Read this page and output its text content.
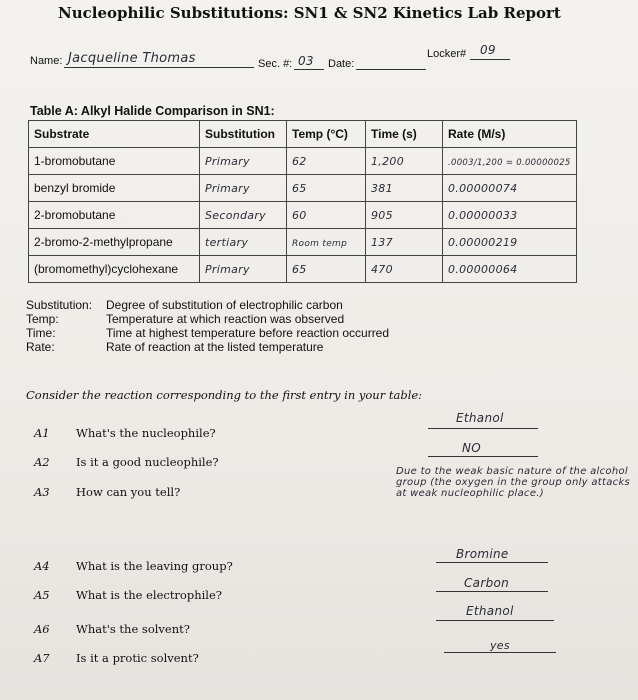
Nucleophilic Substitutions: SN1 & SN2 Kinetics Lab Report
Name: Jacqueline Thomas	Sec. #: 03 Date:
Locker# 09
Table A: Alkyl Halide Comparison in SN1:
Substrate	Substitution	Temp (°C)	Time (s)	Rate (M/s)
1-bromobutane	Primary	62	1,200	.0003/1,200 = 0.00000025
benzyl bromide	Primary	65	381	0.00000074
2-bromobutane	Secondary	60	905	0.00000033
2-bromo-2-methylpropane	tertiary	Room temp	137	0.00000219
(bromomethyl)cyclohexane	Primary	65	470	0.00000064
Substitution:	Degree of substitution of electrophilic carbon
Temp:	Temperature at which reaction was observed
Time:	Time at highest temperature before reaction occurred
Rate:	Rate of reaction at the listed temperature
Consider the reaction corresponding to the first entry in your table:
A1 What's the nucleophile?
Ethanol
A2 Is it a good nucleophile?
NO
A3 How can you tell?
Due to the weak basic nature of the alcohol group (the oxygen in the group only attacks at weak nucleophilic place.)
A4 What is the leaving group?
Bromine
A5 What is the electrophile?
Carbon
A6 What's the solvent?
Ethanol
A7 Is it a protic solvent?
yes
